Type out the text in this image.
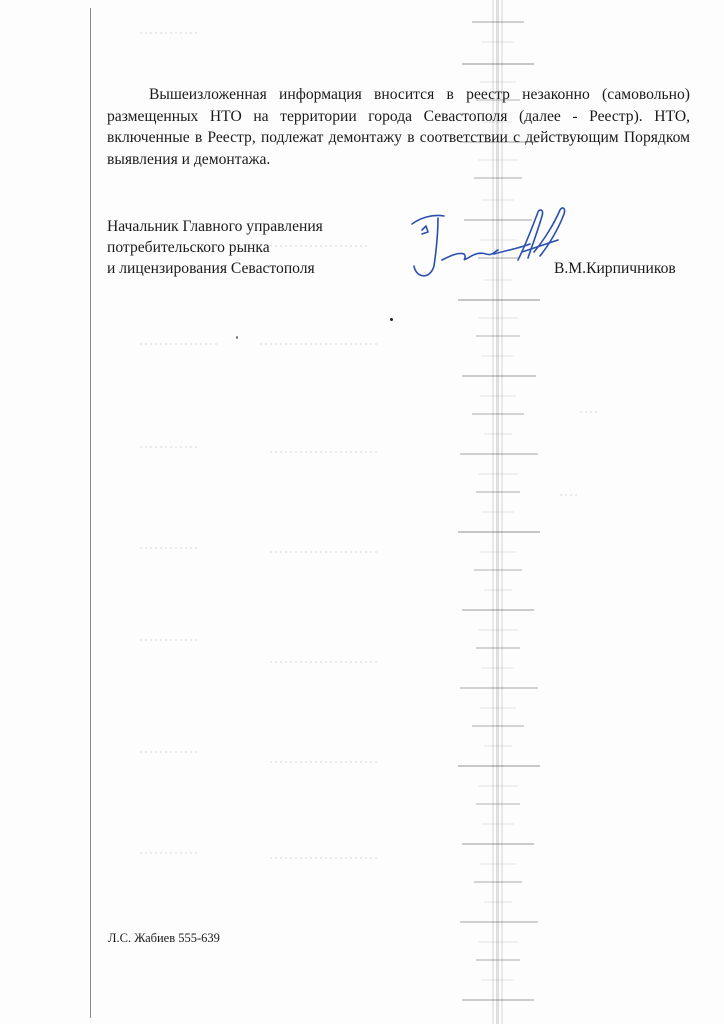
Вышеизложенная информация вносится в реестр незаконно (самовольно) размещенных НТО на территории города Севастополя (далее - Реестр). НТО, включенные в Реестр, подлежат демонтажу в соответствии с действующим Порядком выявления и демонтажа.

Начальник Главного управления
потребительского рынка
и лицензирования Севастополя	В.М.Кирпичников
Л.С. Жабиев 555-639
